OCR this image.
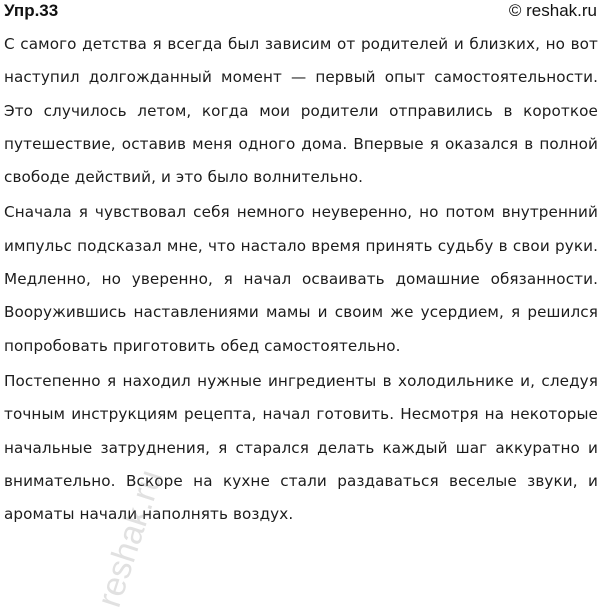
Упр.33	© reshak.ru

С самого детства я всегда был зависим от родителей и близких, но вот наступил долгожданный момент — первый опыт самостоятельности. Это случилось летом, когда мои родители отправились в короткое путешествие, оставив меня одного дома. Впервые я оказался в полной свободе действий, и это было волнительно.

Сначала я чувствовал себя немного неуверенно, но потом внутренний импульс подсказал мне, что настало время принять судьбу в свои руки. Медленно, но уверенно, я начал осваивать домашние обязанности. Вооружившись наставлениями мамы и своим же усердием, я решился попробовать приготовить обед самостоятельно.

Постепенно я находил нужные ингредиенты в холодильнике и, следуя точным инструкциям рецепта, начал готовить. Несмотря на некоторые начальные затруднения, я старался делать каждый шаг аккуратно и внимательно. Вскоре на кухне стали раздаваться веселые звуки, и ароматы начали наполнять воздух.

reshak.ru
